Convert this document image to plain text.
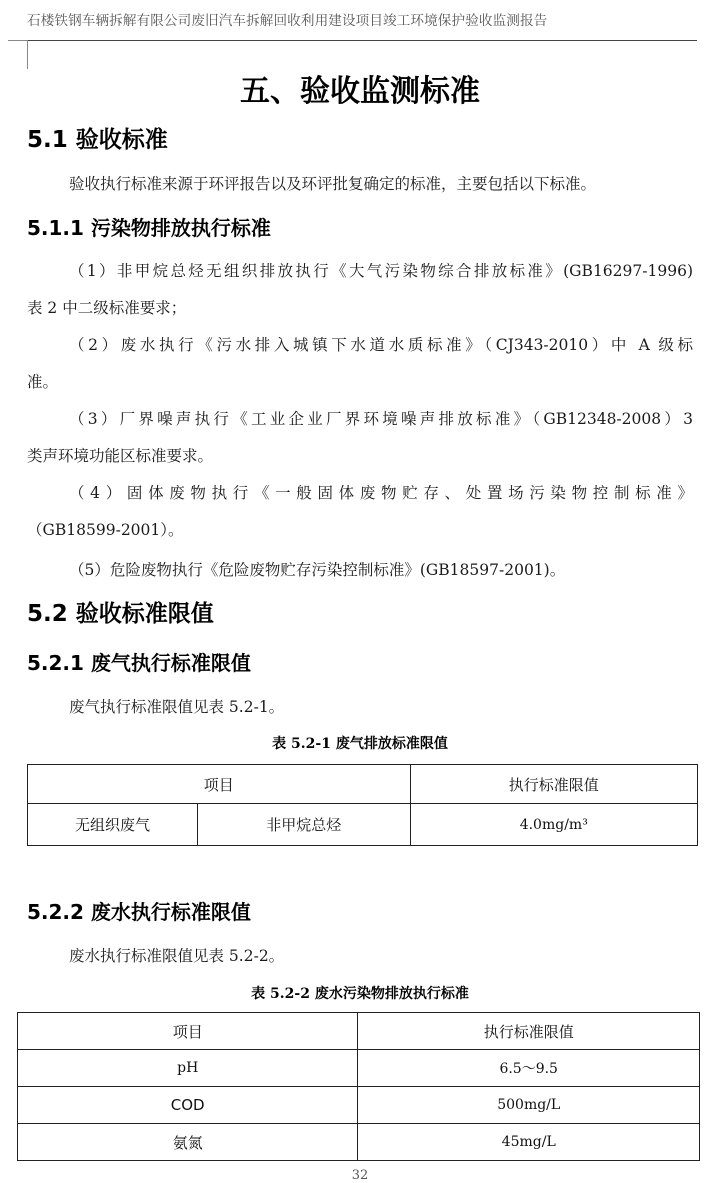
石楼铁钢车辆拆解有限公司废旧汽车拆解回收利用建设项目竣工环境保护验收监测报告
五、验收监测标准
5.1 验收标准
验收执行标准来源于环评报告以及环评批复确定的标准，主要包括以下标准。
5.1.1 污染物排放执行标准
（1）非甲烷总烃无组织排放执行《大气污染物综合排放标准》(GB16297-1996)
表 2 中二级标准要求；
（2）废水执行《污水排入城镇下水道水质标准》（CJ343-2010）中 A 级标
准。
（3）厂界噪声执行《工业企业厂界环境噪声排放标准》（GB12348-2008）3
类声环境功能区标准要求。
（4）固体废物执行《一般固体废物贮存、处置场污染物控制标准》
（GB18599-2001）。
（5）危险废物执行《危险废物贮存污染控制标准》(GB18597-2001)。
5.2 验收标准限值
5.2.1 废气执行标准限值
废气执行标准限值见表 5.2-1。
表 5.2-1 废气排放标准限值
项目		执行标准限值
无组织废气	非甲烷总烃	4.0mg/m³
5.2.2 废水执行标准限值
废水执行标准限值见表 5.2-2。
表 5.2-2 废水污染物排放执行标准
项目	执行标准限值
pH	6.5～9.5
COD	500mg/L
氨氮	45mg/L
32
